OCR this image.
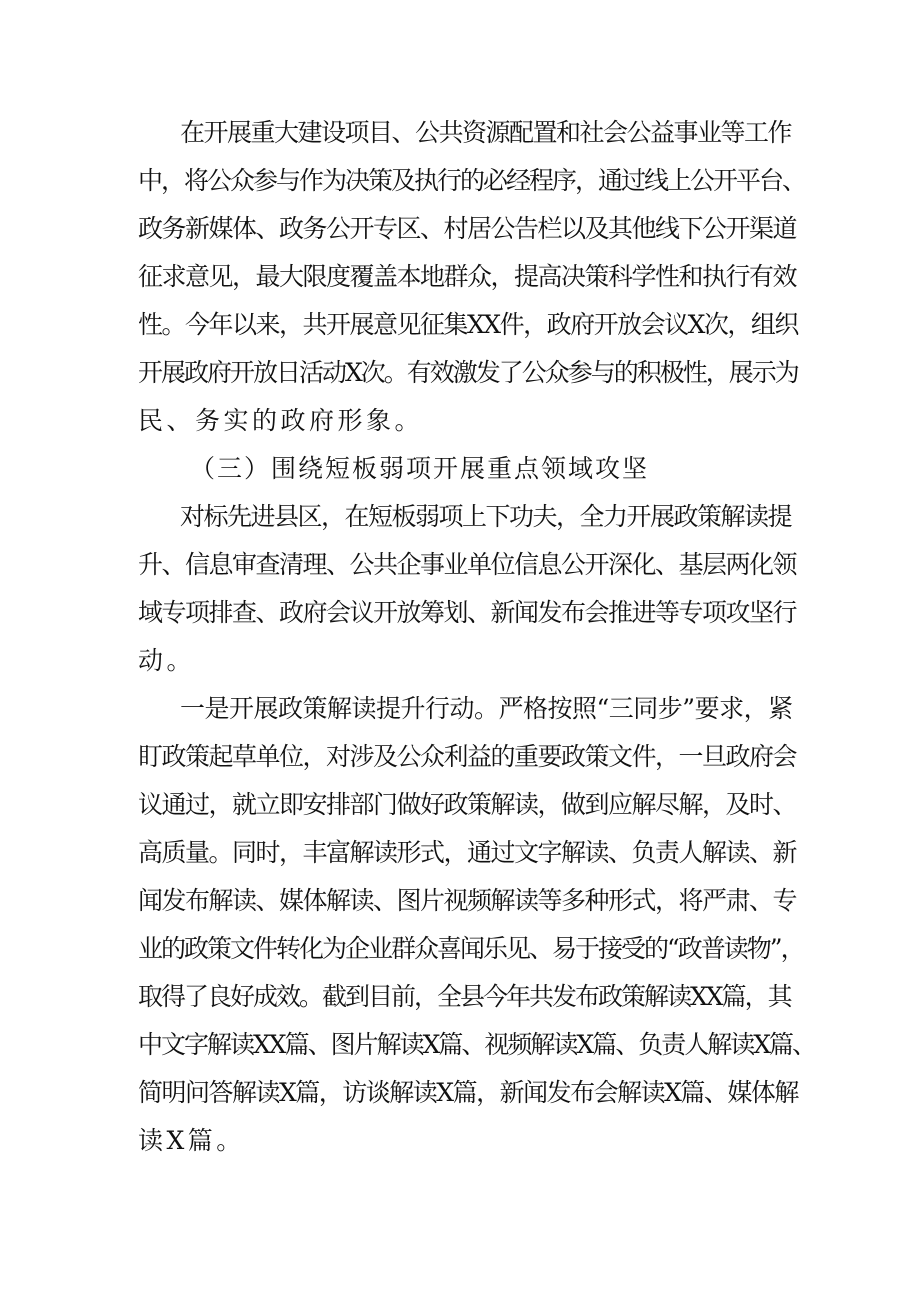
在开展重大建设项目、公共资源配置和社会公益事业等工作
中，将公众参与作为决策及执行的必经程序，通过线上公开平台、
政务新媒体、政务公开专区、村居公告栏以及其他线下公开渠道
征求意见，最大限度覆盖本地群众，提高决策科学性和执行有效
性。今年以来，共开展意见征集XX件，政府开放会议X次，组织
开展政府开放日活动X次。有效激发了公众参与的积极性，展示为
民、务实的政府形象。
（三）围绕短板弱项开展重点领域攻坚
对标先进县区，在短板弱项上下功夫，全力开展政策解读提
升、信息审查清理、公共企事业单位信息公开深化、基层两化领
域专项排查、政府会议开放筹划、新闻发布会推进等专项攻坚行
动。
一是开展政策解读提升行动。严格按照“三同步”要求，紧
盯政策起草单位，对涉及公众利益的重要政策文件，一旦政府会
议通过，就立即安排部门做好政策解读，做到应解尽解，及时、
高质量。同时，丰富解读形式，通过文字解读、负责人解读、新
闻发布解读、媒体解读、图片视频解读等多种形式，将严肃、专
业的政策文件转化为企业群众喜闻乐见、易于接受的“政普读物”，
取得了良好成效。截到目前，全县今年共发布政策解读XX篇，其
中文字解读XX篇、图片解读X篇、视频解读X篇、负责人解读X篇、
简明问答解读X篇，访谈解读X篇，新闻发布会解读X篇、媒体解
读X篇。
